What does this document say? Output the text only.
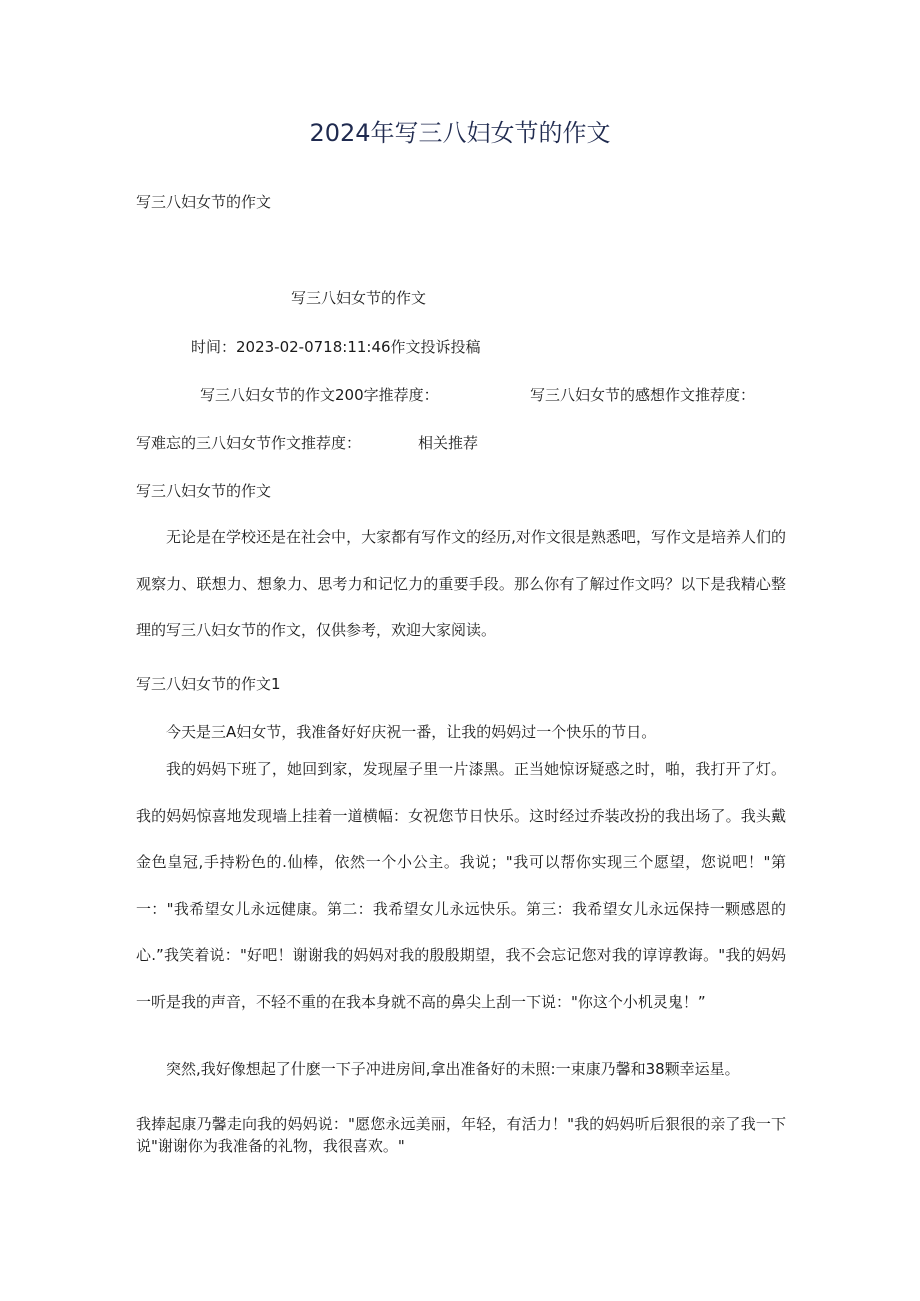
2024年写三八妇女节的作文
写三八妇女节的作文
写三八妇女节的作文
时间：2023-02-0718:11:46作文投诉投稿
写三八妇女节的作文200字推荐度：	写三八妇女节的感想作文推荐度：
写难忘的三八妇女节作文推荐度：	相关推荐
写三八妇女节的作文
无论是在学校还是在社会中，大家都有写作文的经历,对作文很是熟悉吧，写作文是培养人们的观察力、联想力、想象力、思考力和记忆力的重要手段。那么你有了解过作文吗？以下是我精心整理的写三八妇女节的作文，仅供参考，欢迎大家阅读。
写三八妇女节的作文1
今天是三A妇女节，我准备好好庆祝一番，让我的妈妈过一个快乐的节日。
我的妈妈下班了，她回到家，发现屋子里一片漆黑。正当她惊讶疑惑之时，啪，我打开了灯。我的妈妈惊喜地发现墙上挂着一道横幅：女祝您节日快乐。这时经过乔装改扮的我出场了。我头戴金色皇冠,手持粉色的.仙棒，依然一个小公主。我说；"我可以帮你实现三个愿望，您说吧！"第一："我希望女儿永远健康。第二：我希望女儿永远快乐。第三：我希望女儿永远保持一颗感恩的心.”我笑着说："好吧！谢谢我的妈妈对我的殷殷期望，我不会忘记您对我的谆谆教诲。"我的妈妈一听是我的声音，不轻不重的在我本身就不高的鼻尖上刮一下说："你这个小机灵鬼！”
突然,我好像想起了什麽一下子冲进房间,拿出准备好的未照:一束康乃馨和38颗幸运星。
我捧起康乃馨走向我的妈妈说："愿您永远美丽，年轻，有活力！"我的妈妈听后狠很的亲了我一下说"谢谢你为我准备的礼物，我很喜欢。"
